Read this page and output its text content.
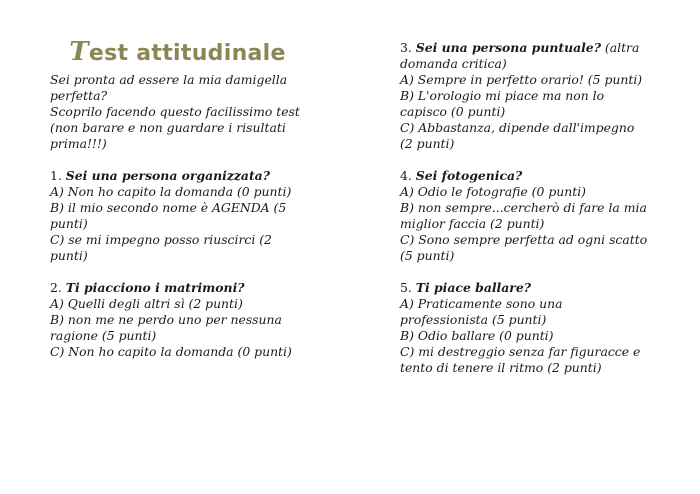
Test attitudinale

Sei pronta ad essere la mia damigella perfetta?

Scoprilo facendo questo facilissimo test (non barare e non guardare i risultati prima!!!)

1. Sei una persona organizzata?

A) Non ho capito la domanda (0 punti)

B) il mio secondo nome è AGENDA (5 punti)

C) se mi impegno posso riuscirci (2 punti)

2. Ti piacciono i matrimoni?

A) Quelli degli altri sì (2 punti)

B) non me ne perdo uno per nessuna ragione (5 punti)

C) Non ho capito la domanda (0 punti)

3. Sei una persona puntuale? (altra domanda critica)

A) Sempre in perfetto orario! (5 punti)

B) L'orologio mi piace ma non lo capisco (0 punti)

C) Abbastanza, dipende dall'impegno (2 punti)

4. Sei fotogenica?

A) Odio le fotografie (0 punti)

B) non sempre...cercherò di fare la mia miglior faccia (2 punti)

C) Sono sempre perfetta ad ogni scatto (5 punti)

5. Ti piace ballare?

A) Praticamente sono una professionista (5 punti)

B) Odio ballare (0 punti)

C) mi destreggio senza far figuracce e tento di tenere il ritmo (2 punti)
